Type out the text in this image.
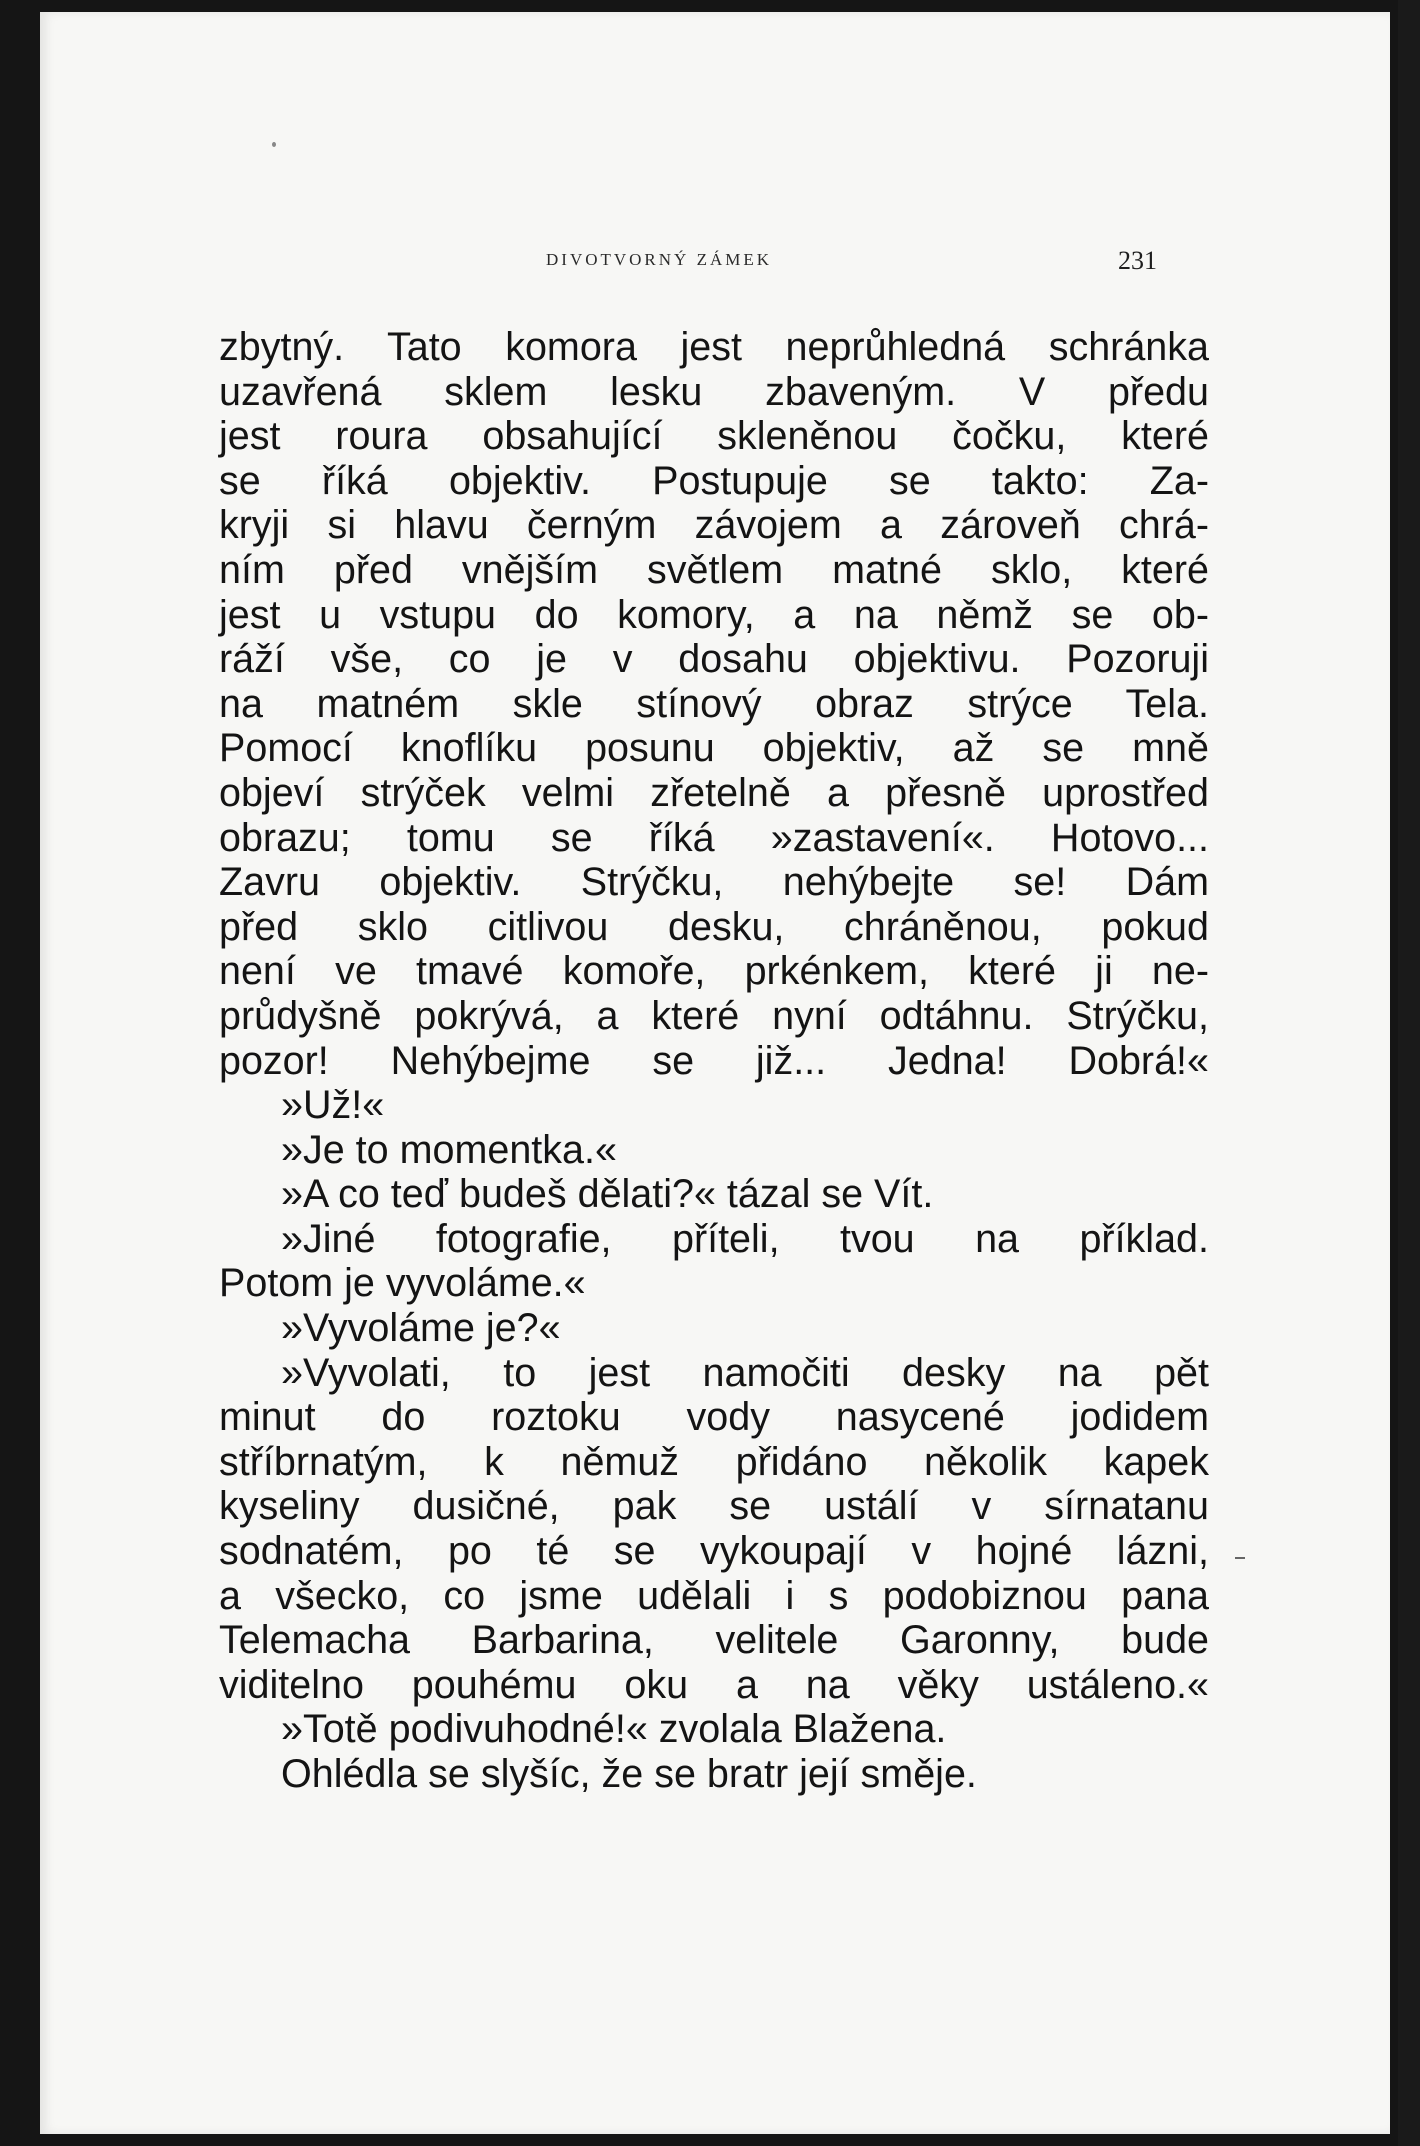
DIVOTVORNÝ ZÁMEK	231
zbytný. Tato komora jest neprůhledná schránka
uzavřená sklem lesku zbaveným. V předu
jest roura obsahující skleněnou čočku, které
se říká objektiv. Postupuje se takto: Za-
kryji si hlavu černým závojem a zároveň chrá-
ním před vnějším světlem matné sklo, které
jest u vstupu do komory, a na němž se ob-
ráží vše, co je v dosahu objektivu. Pozoruji
na matném skle stínový obraz strýce Tela.
Pomocí knoflíku posunu objektiv, až se mně
objeví strýček velmi zřetelně a přesně uprostřed
obrazu; tomu se říká »zastavení«. Hotovo...
Zavru objektiv. Strýčku, nehýbejte se! Dám
před sklo citlivou desku, chráněnou, pokud
není ve tmavé komoře, prkénkem, které ji ne-
průdyšně pokrývá, a které nyní odtáhnu. Strýčku,
pozor! Nehýbejme se již... Jedna! Dobrá!«
»Už!«
»Je to momentka.«
»A co teď budeš dělati?« tázal se Vít.
»Jiné fotografie, příteli, tvou na příklad.
Potom je vyvoláme.«
»Vyvoláme je?«
»Vyvolati, to jest namočiti desky na pět
minut do roztoku vody nasycené jodidem
stříbrnatým, k němuž přidáno několik kapek
kyseliny dusičné, pak se ustálí v sírnatanu
sodnatém, po té se vykoupají v hojné lázni,
a všecko, co jsme udělali i s podobiznou pana
Telemacha Barbarina, velitele Garonny, bude
viditelno pouhému oku a na věky ustáleno.«
»Totě podivuhodné!« zvolala Blažena.
Ohlédla se slyšíc, že se bratr její směje.
